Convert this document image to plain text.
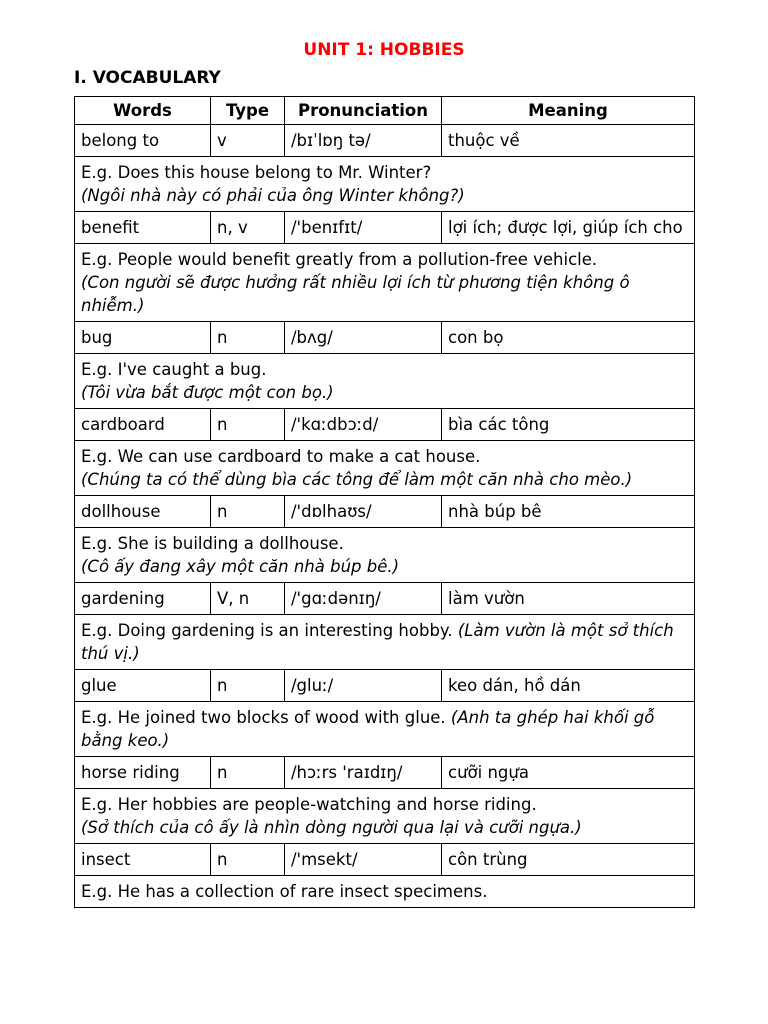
UNIT 1: HOBBIES
I. VOCABULARY
Words	Type	Pronunciation	Meaning
belong to	v	/bɪˈlɒŋ tə/	thuộc về

E.g. Does this house belong to Mr. Winter?
(Ngôi nhà này có phải của ông Winter không?)			

benefit	n, v	/'benɪfɪt/	lợi ích; được lợi, giúp ích cho

E.g. People would benefit greatly from a pollution-free vehicle.
(Con người sẽ được hưởng rất nhiều lợi ích từ phương tiện không ô nhiễm.)			

bug	n	/bʌg/	con bọ

E.g. I've caught a bug.
(Tôi vừa bắt được một con bọ.)			

cardboard	n	/'kɑːdbɔːd/	bìa các tông

E.g. We can use cardboard to make a cat house.
(Chúng ta có thể dùng bìa các tông để làm một căn nhà cho mèo.)			

dollhouse	n	/'dɒlhaʊs/	nhà búp bê

E.g. She is building a dollhouse.
(Cô ấy đang xây một căn nhà búp bê.)			

gardening	V, n	/'gɑːdənɪŋ/	làm vườn
E.g. Doing gardening is an interesting hobby. (Làm vườn là một sở thích thú vị.)			
glue	n	/gluː/	keo dán, hồ dán
E.g. He joined two blocks of wood with glue. (Anh ta ghép hai khối gỗ bằng keo.)			
horse riding	n	/hɔːrs 'raɪdɪŋ/	cưỡi ngựa

E.g. Her hobbies are people-watching and horse riding.
(Sở thích của cô ấy là nhìn dòng người qua lại và cưỡi ngựa.)			

insect	n	/'msekt/	côn trùng

E.g. He has a collection of rare insect specimens.			
